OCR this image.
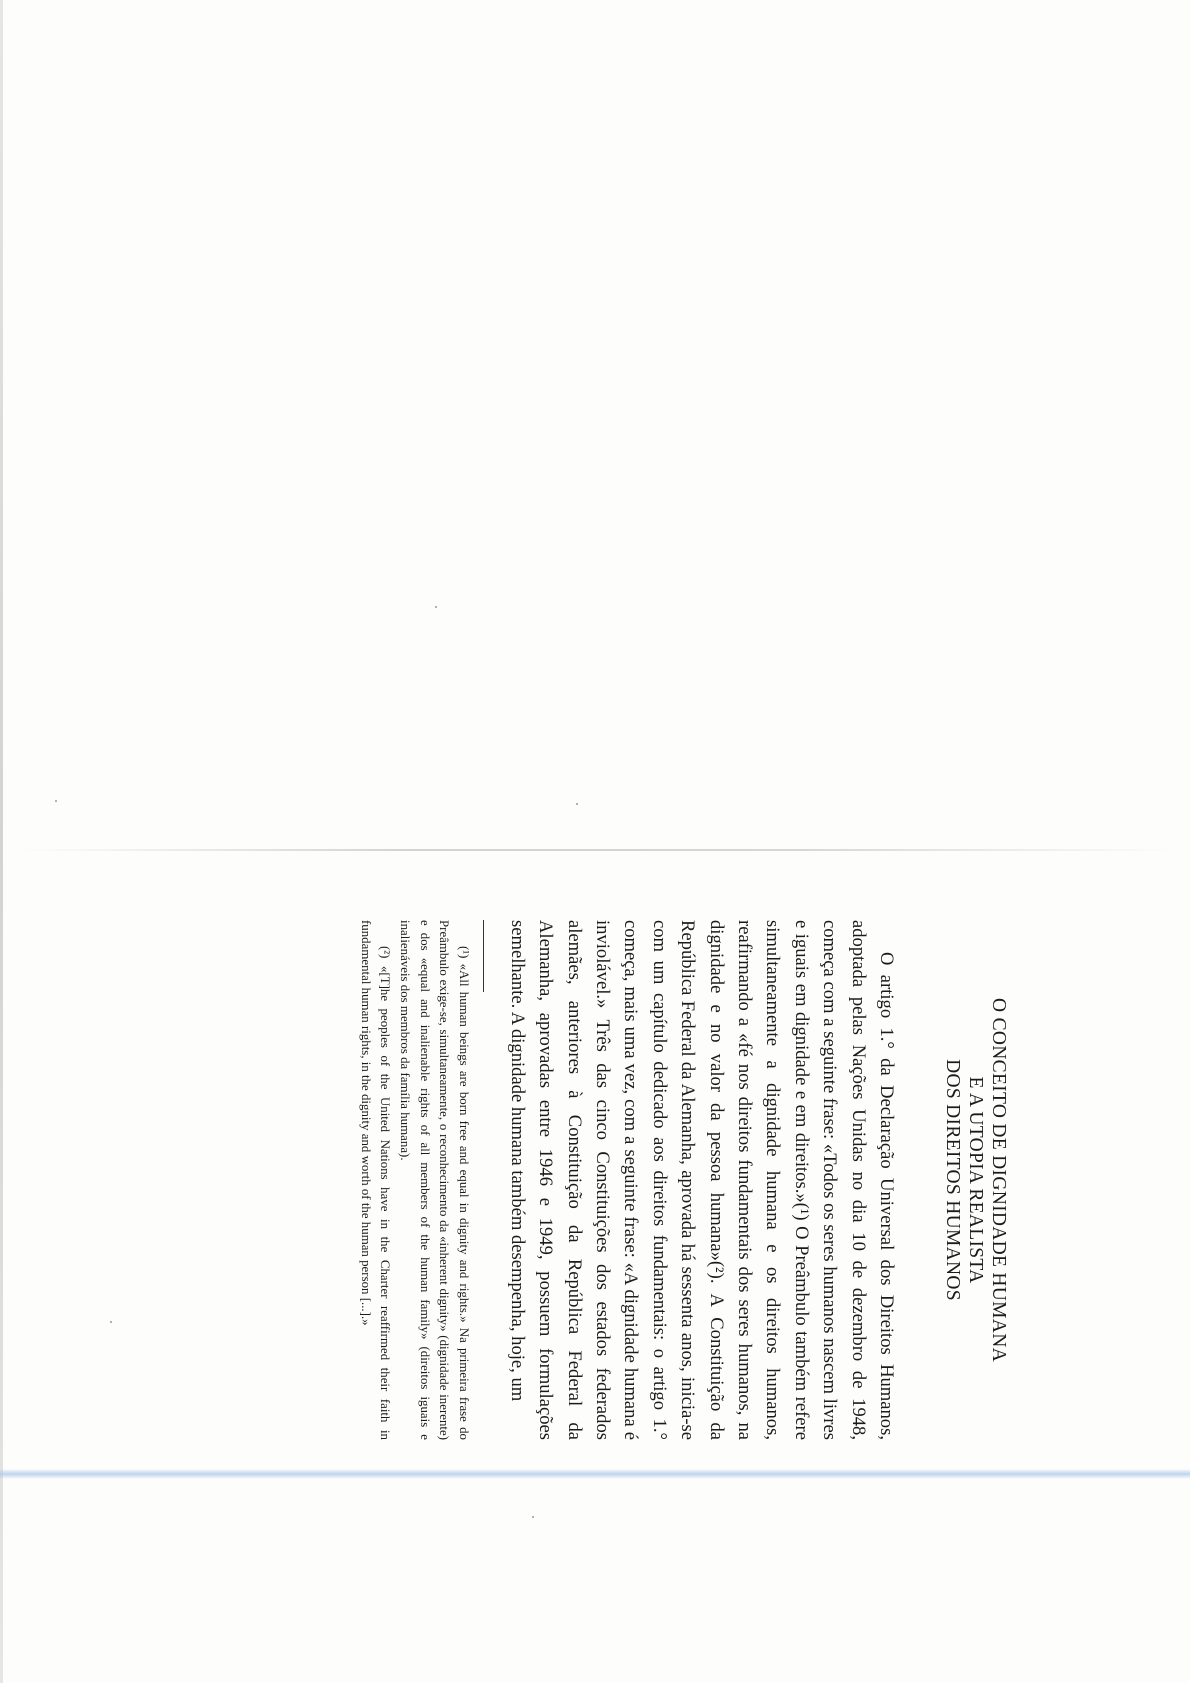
O CONCEITO DE DIGNIDADE HUMANA
E A UTOPIA REALISTA
DOS DIREITOS HUMANOS

O artigo 1.° da Declaração Universal dos Direitos Humanos, adoptada pelas Nações Unidas no dia 10 de dezembro de 1948, começa com a seguinte frase: «Todos os seres humanos nascem livres e iguais em dignidade e em direitos.»(¹) O Preâmbulo também refere simultaneamente a dignidade humana e os direitos humanos, reafirmando a «fé nos direitos fundamentais dos seres humanos, na dignidade e no valor da pessoa humana»(²). A Constituição da República Federal da Alemanha, aprovada há sessenta anos, inicia-se com um capítulo dedicado aos direitos fundamentais: o artigo 1.° começa, mais uma vez, com a seguinte frase: «A dignidade humana é inviolável.» Três das cinco Constituições dos estados federados alemães, anteriores à Constituição da República Federal da Alemanha, aprovadas entre 1946 e 1949, possuem formulações semelhante. A dignidade humana também desempenha, hoje, um

(¹) «All human beings are born free and equal in dignity and rights.» Na primeira frase do Preâmbulo exige-se, simultaneamente, o reconhecimento da «inherent dignity» (dignidade inerente) e dos «equal and inalienable rights of all members of the human family» (direitos iguais e inalienáveis dos membros da família humana).

(²) «[T]he peoples of the United Nations have in the Charter reaffirmed their faith in fundamental human rights, in the dignity and worth of the human person [...].»
